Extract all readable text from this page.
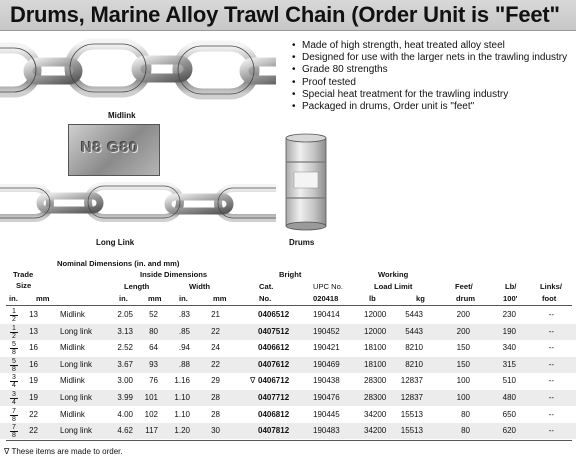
Drums, Marine Alloy Trawl Chain (Order Unit is "Feet"
Midlink
N8 G80
Long Link
• Made of high strength, heat treated alloy steel
• Designed for use with the larger nets in the trawling industry
• Grade 80 strengths
• Proof tested
• Special heat treatment for the trawling industry
• Packaged in drums, Order unit is "feet"
Drums
Nominal Dimensions (in. and mm)
Trade
Size
in. mm
Inside Dimensions
Length	Width
in.	mm in.	mm
Bright
Cat.
No.
UPC No.
020418
Working
Load Limit
lb	kg
Feet/
drum
Lb/
100'
Links/
foot
$\frac{1}{2}$	13	Midlink	2.05	52	.83	21	0406512	190414	12000	5443	200	230	--
$\frac{1}{2}$	13	Long link	3.13	80	.85	22	0407512	190452	12000	5443	200	190	--
$\frac{5}{8}$	16	Midlink	2.52	64	.94	24	0406612	190421	18100	8210	150	340	--
$\frac{5}{8}$	16	Long link	3.67	93	.88	22	0407612	190469	18100	8210	150	315	--
$\frac{3}{4}$	19	Midlink	3.00	76	1.16	29	∇ 0406712	190438	28300	12837	100	510	--
$\frac{3}{4}$	19	Long link	3.99	101	1.10	28	0407712	190476	28300	12837	100	480	--
$\frac{7}{8}$	22	Midlink	4.00	102	1.10	28	0406812	190445	34200	15513	80	650	--
$\frac{7}{8}$	22	Long link	4.62	117	1.20	30	0407812	190483	34200	15513	80	620	--
∇ These items are made to order.
